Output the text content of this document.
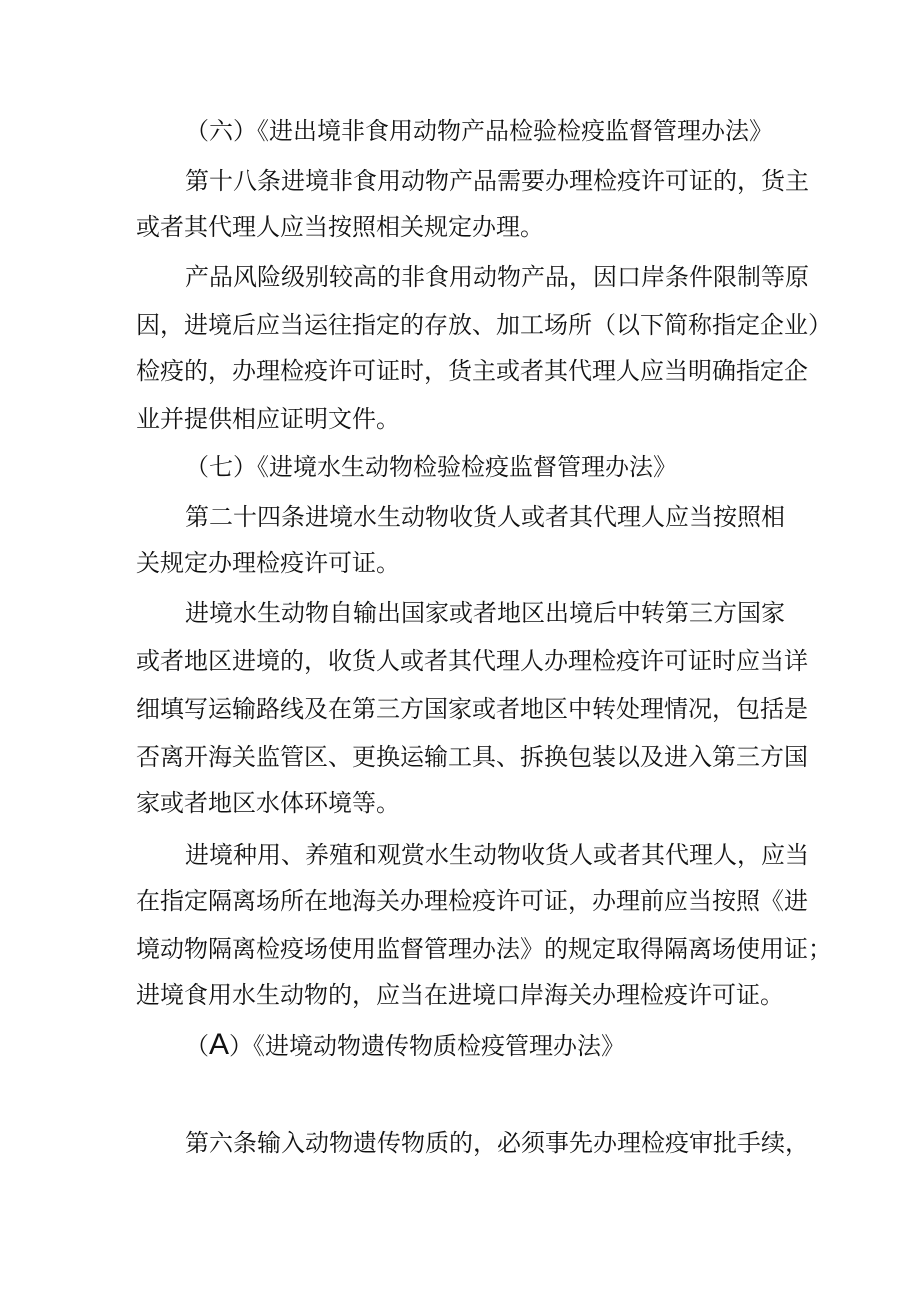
（六）《进出境非食用动物产品检验检疫监督管理办法》

第十八条进境非食用动物产品需要办理检疫许可证的，货主

或者其代理人应当按照相关规定办理。

产品风险级别较高的非食用动物产品，因口岸条件限制等原

因，进境后应当运往指定的存放、加工场所（以下简称指定企业）

检疫的，办理检疫许可证时，货主或者其代理人应当明确指定企

业并提供相应证明文件。

（七）《进境水生动物检验检疫监督管理办法》

第二十四条进境水生动物收货人或者其代理人应当按照相

关规定办理检疫许可证。

进境水生动物自输出国家或者地区出境后中转第三方国家

或者地区进境的，收货人或者其代理人办理检疫许可证时应当详

细填写运输路线及在第三方国家或者地区中转处理情况，包括是

否离开海关监管区、更换运输工具、拆换包装以及进入第三方国

家或者地区水体环境等。

进境种用、养殖和观赏水生动物收货人或者其代理人，应当

在指定隔离场所在地海关办理检疫许可证，办理前应当按照《进

境动物隔离检疫场使用监督管理办法》的规定取得隔离场使用证；

进境食用水生动物的，应当在进境口岸海关办理检疫许可证。

（A）《进境动物遗传物质检疫管理办法》

第六条输入动物遗传物质的，必须事先办理检疫审批手续，
